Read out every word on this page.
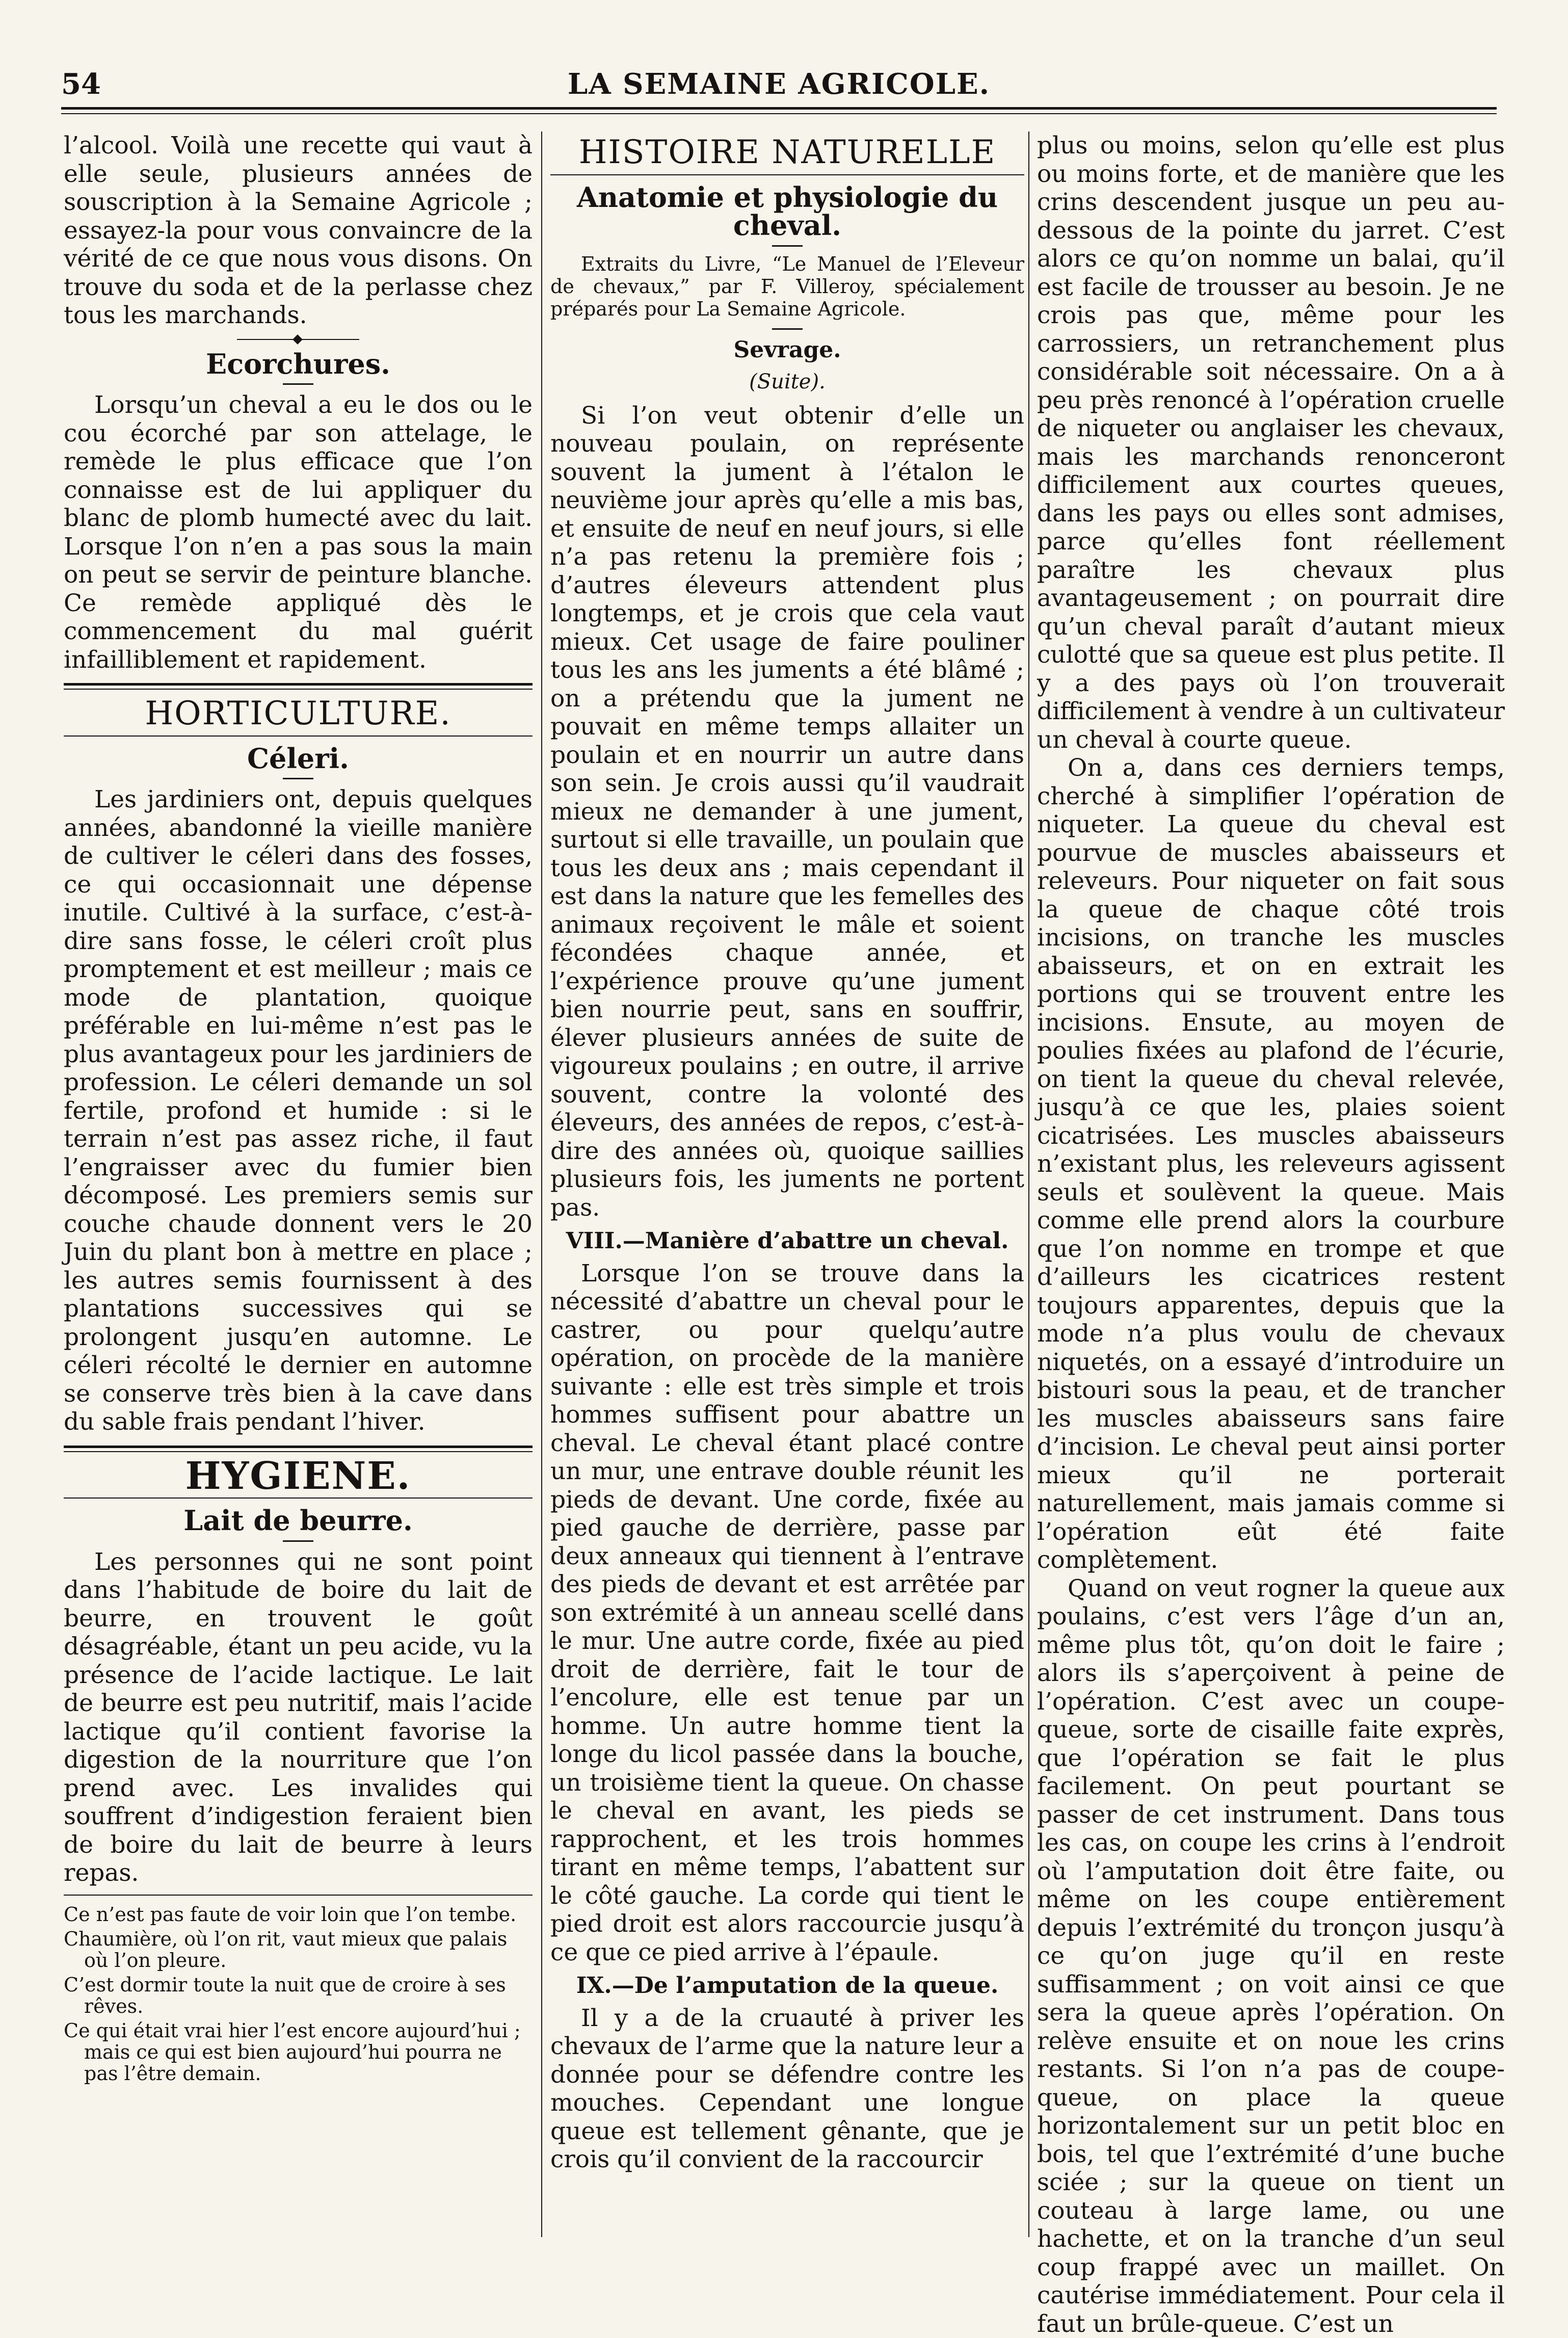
54	LA SEMAINE AGRICOLE.

l’alcool. Voilà une recette qui vaut à elle seule, plusieurs années de souscription à la Semaine Agricole ; essayez-la pour vous convaincre de la vérité de ce que nous vous disons. On trouve du soda et de la perlasse chez tous les marchands.

Ecorchures.

Lorsqu’un cheval a eu le dos ou le cou écorché par son attelage, le remède le plus efficace que l’on connaisse est de lui appliquer du blanc de plomb humecté avec du lait. Lorsque l’on n’en a pas sous la main on peut se servir de peinture blanche. Ce remède appliqué dès le commencement du mal guérit infailliblement et rapidement.

HORTICULTURE.
Céleri.

Les jardiniers ont, depuis quelques années, abandonné la vieille manière de cultiver le céleri dans des fosses, ce qui occasionnait une dépense inutile. Cultivé à la surface, c’est-à-dire sans fosse, le céleri croît plus promptement et est meilleur ; mais ce mode de plantation, quoique préférable en lui-même n’est pas le plus avantageux pour les jardiniers de profession. Le céleri demande un sol fertile, profond et humide : si le terrain n’est pas assez riche, il faut l’engraisser avec du fumier bien décomposé. Les premiers semis sur couche chaude donnent vers le 20 Juin du plant bon à mettre en place ; les autres semis fournissent à des plantations successives qui se prolongent jusqu’en automne. Le céleri récolté le dernier en automne se conserve très bien à la cave dans du sable frais pendant l’hiver.

HYGIENE.
Lait de beurre.

Les personnes qui ne sont point dans l’habitude de boire du lait de beurre, en trouvent le goût désagréable, étant un peu acide, vu la présence de l’acide lactique. Le lait de beurre est peu nutritif, mais l’acide lactique qu’il contient favorise la digestion de la nourriture que l’on prend avec. Les invalides qui souffrent d’indigestion feraient bien de boire du lait de beurre à leurs repas.

Ce n’est pas faute de voir loin que l’on tembe.

Chaumière, où l’on rit, vaut mieux que palais où l’on pleure.

C’est dormir toute la nuit que de croire à ses rêves.

Ce qui était vrai hier l’est encore aujourd’hui ; mais ce qui est bien aujourd’hui pourra ne pas l’être demain.

HISTOIRE NATURELLE
Anatomie et physiologie du cheval.

Extraits du Livre, “Le Manuel de l’Eleveur de chevaux,” par F. Villeroy, spécialement préparés pour La Semaine Agricole.

Sevrage.
(Suite).

Si l’on veut obtenir d’elle un nouveau poulain, on représente souvent la jument à l’étalon le neuvième jour après qu’elle a mis bas, et ensuite de neuf en neuf jours, si elle n’a pas retenu la première fois ; d’autres éleveurs attendent plus longtemps, et je crois que cela vaut mieux. Cet usage de faire pouliner tous les ans les juments a été blâmé ; on a prétendu que la jument ne pouvait en même temps allaiter un poulain et en nourrir un autre dans son sein. Je crois aussi qu’il vaudrait mieux ne demander à une jument, surtout si elle travaille, un poulain que tous les deux ans ; mais cependant il est dans la nature que les femelles des animaux reçoivent le mâle et soient fécondées chaque année, et l’expérience prouve qu’une jument bien nourrie peut, sans en souffrir, élever plusieurs années de suite de vigoureux poulains ; en outre, il arrive souvent, contre la volonté des éleveurs, des années de repos, c’est-à-dire des années où, quoique saillies plusieurs fois, les juments ne portent pas.

VIII.—Manière d’abattre un cheval.

Lorsque l’on se trouve dans la nécessité d’abattre un cheval pour le castrer, ou pour quelqu’autre opération, on procède de la manière suivante : elle est très simple et trois hommes suffisent pour abattre un cheval. Le cheval étant placé contre un mur, une entrave double réunit les pieds de devant. Une corde, fixée au pied gauche de derrière, passe par deux anneaux qui tiennent à l’entrave des pieds de devant et est arrêtée par son extrémité à un anneau scellé dans le mur. Une autre corde, fixée au pied droit de derrière, fait le tour de l’encolure, elle est tenue par un homme. Un autre homme tient la longe du licol passée dans la bouche, un troisième tient la queue. On chasse le cheval en avant, les pieds se rapprochent, et les trois hommes tirant en même temps, l’abattent sur le côté gauche. La corde qui tient le pied droit est alors raccourcie jusqu’à ce que ce pied arrive à l’épaule.

IX.—De l’amputation de la queue.

Il y a de la cruauté à priver les chevaux de l’arme que la nature leur a donnée pour se défendre contre les mouches. Cependant une longue queue est tellement gênante, que je crois qu’il convient de la raccourcir

plus ou moins, selon qu’elle est plus ou moins forte, et de manière que les crins descendent jusque un peu au-dessous de la pointe du jarret. C’est alors ce qu’on nomme un balai, qu’il est facile de trousser au besoin. Je ne crois pas que, même pour les carrossiers, un retranchement plus considérable soit nécessaire. On a à peu près renoncé à l’opération cruelle de niqueter ou anglaiser les chevaux, mais les marchands renonceront difficilement aux courtes queues, dans les pays ou elles sont admises, parce qu’elles font réellement paraître les chevaux plus avantageusement ; on pourrait dire qu’un cheval paraît d’autant mieux culotté que sa queue est plus petite. Il y a des pays où l’on trouverait difficilement à vendre à un cultivateur un cheval à courte queue.

On a, dans ces derniers temps, cherché à simplifier l’opération de niqueter. La queue du cheval est pourvue de muscles abaisseurs et releveurs. Pour niqueter on fait sous la queue de chaque côté trois incisions, on tranche les muscles abaisseurs, et on en extrait les portions qui se trouvent entre les incisions. Ensute, au moyen de poulies fixées au plafond de l’écurie, on tient la queue du cheval relevée, jusqu’à ce que les, plaies soient cicatrisées. Les muscles abaisseurs n’existant plus, les releveurs agissent seuls et soulèvent la queue. Mais comme elle prend alors la courbure que l’on nomme en trompe et que d’ailleurs les cicatrices restent toujours apparentes, depuis que la mode n’a plus voulu de chevaux niquetés, on a essayé d’introduire un bistouri sous la peau, et de trancher les muscles abaisseurs sans faire d’incision. Le cheval peut ainsi porter mieux qu’il ne porterait naturellement, mais jamais comme si l’opération eût été faite complètement.

Quand on veut rogner la queue aux poulains, c’est vers l’âge d’un an, même plus tôt, qu’on doit le faire ; alors ils s’aperçoivent à peine de l’opération. C’est avec un coupe-queue, sorte de cisaille faite exprès, que l’opération se fait le plus facilement. On peut pourtant se passer de cet instrument. Dans tous les cas, on coupe les crins à l’endroit où l’amputation doit être faite, ou même on les coupe entièrement depuis l’extrémité du tronçon jusqu’à ce qu’on juge qu’il en reste suffisamment ; on voit ainsi ce que sera la queue après l’opération. On relève ensuite et on noue les crins restants. Si l’on n’a pas de coupe-queue, on place la queue horizontalement sur un petit bloc en bois, tel que l’extrémité d’une buche sciée ; sur la queue on tient un couteau à large lame, ou une hachette, et on la tranche d’un seul coup frappé avec un maillet. On cautérise immédiatement. Pour cela il faut un brûle-queue. C’est un
